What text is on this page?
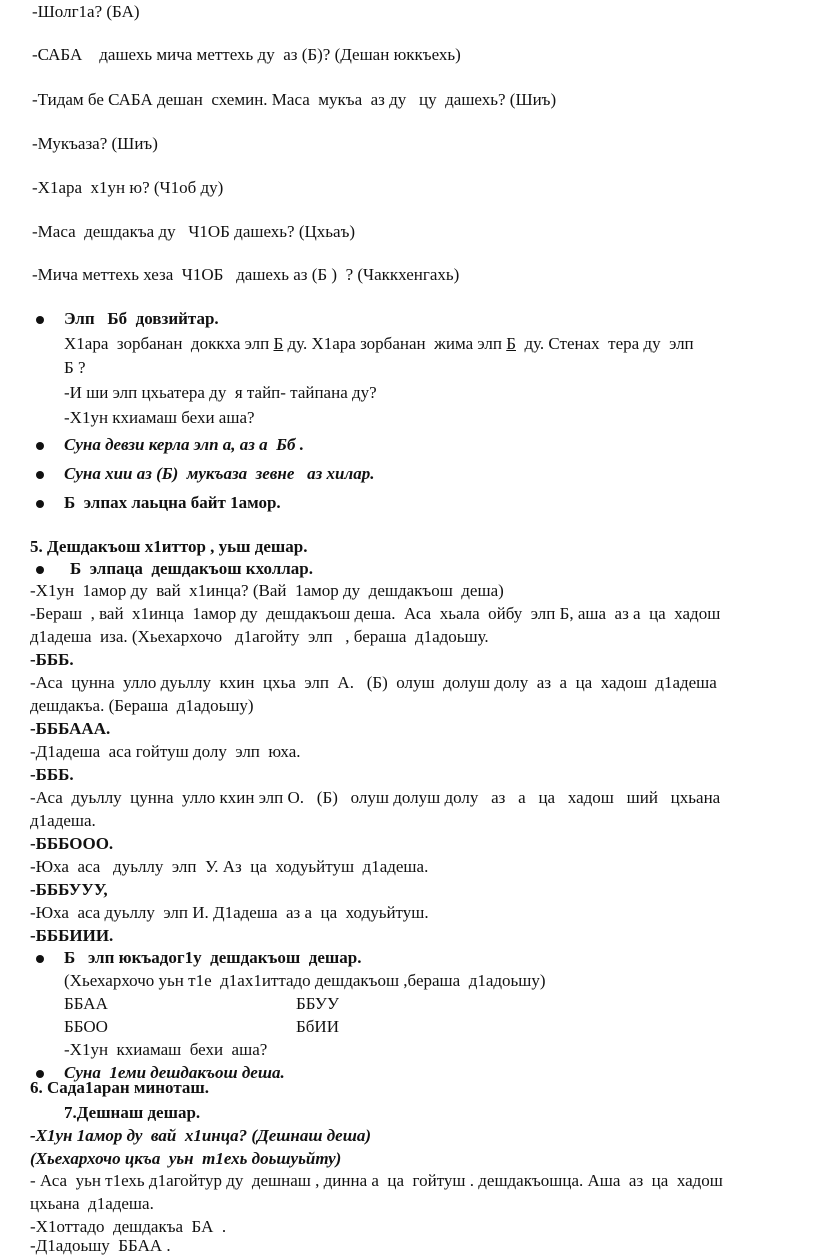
-Шолг1а? (БА)
-САБА    дашехь мича меттехь ду  аз (Б)? (Дешан юккъехь)
-Тидам бе САБА дешан  схемин. Маса  мукъа  аз ду   цу  дашехь? (Шиъ)
-Мукъаза? (Шиъ)
-Х1ара  х1ун ю? (Ч1об ду)
-Маса  дешдакъа ду   Ч1ОБ дашехь? (Цхьаъ)
-Мича меттехь хеза  Ч1ОБ   дашехь аз (Б )  ? (Чаккхенгахь)
Элп   Бб  довзийтар.
Х1ара  зорбанан  доккха элп Б ду. Х1ара зорбанан  жима элп Б  ду. Стенах  тера ду  элп
Б ?
-И ши элп цхьатера ду  я тайп- тайпана ду?
-Х1ун кхиамаш бехи аша?
Суна девзи керла элп а, аз а  Бб .
Суна хии аз (Б)  мукъаза  зевне   аз хилар.
Б  элпах лаьцна байт 1амор.
5. Дешдакъош х1иттор , уьш дешар.
Б  элпаца  дешдакъош кхоллар.
-Х1ун  1амор ду  вай  х1инца? (Вай  1амор ду  дешдакъош  деша)
-Бераш  , вай  х1инца  1амор ду  дешдакъош деша.  Аса  хьала  ойбу  элп Б, аша  аз а  ца  хадош
д1адеша  иза. (Хьехархочо   д1агойту  элп   , бераша  д1адоьшу.
-БББ.
-Аса  цунна  улло дуьллу  кхин  цхьа  элп  А.   (Б)  олуш  долуш долу  аз  а  ца  хадош  д1адеша
дешдакъа. (Бераша  д1адоьшу)
-БББААА.
-Д1адеша  аса гойтуш долу  элп  юха.
-БББ.
-Аса  дуьллу  цунна  улло кхин элп О.   (Б)   олуш долуш долу   аз   а   ца   хадош   ший   цхьана
д1адеша.
-БББООО.
-Юха  аса   дуьллу  элп  У. Аз  ца  ходуьйтуш  д1адеша.
-БББУУУ,
-Юха  аса дуьллу  элп И. Д1адеша  аз а  ца  ходуьйтуш.
-БББИИИ.
Б   элп юкъадог1у  дешдакъош  дешар.
(Хьехархочо уьн т1е  д1ах1иттадо дешдакъош ,бераша  д1адоьшу)
ББАА	ББУУ
ББОО	БбИИ
-Х1ун  кхиамаш  бехи  аша?
Суна  1еми дешдакъош деша.
6. Сада1аран миноташ.
7.Дешнаш дешар.
-Х1ун 1амор ду  вай  х1инца? (Дешнаш деша)
(Хьехархочо цкъа  уьн  т1ехь доьшуьйту)
- Аса  уьн т1ехь д1агойтур ду  дешнаш , динна а  ца  гойтуш . дешдакъошца. Аша  аз  ца  хадош
цхьана  д1адеша.
-Х1оттадо  дешдакъа  БА  .
-Д1адоьшу  ББАА .
